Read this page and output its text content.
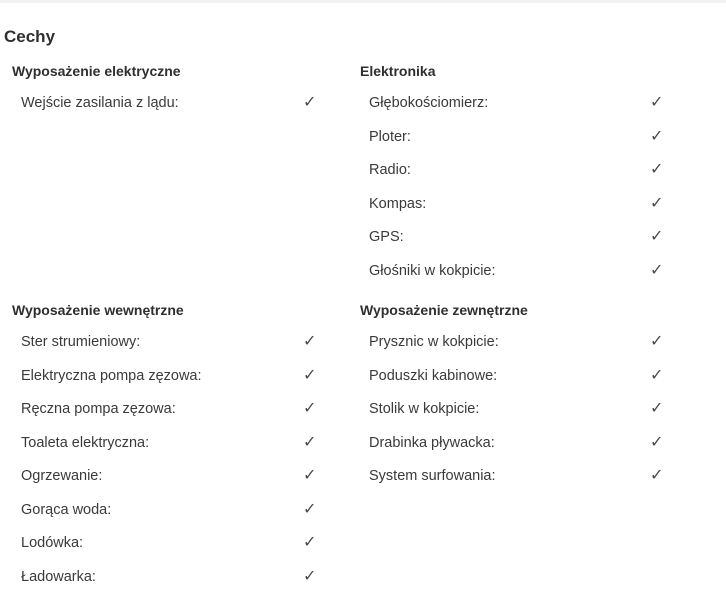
Cechy
Wyposażenie elektryczne
Wejście zasilania z lądu:	✓
Elektronika
Głębokościomierz:	✓
Ploter:	✓
Radio:	✓
Kompas:	✓
GPS:	✓
Głośniki w kokpicie:	✓
Wyposażenie wewnętrzne
Ster strumieniowy:	✓
Elektryczna pompa zęzowa:	✓
Ręczna pompa zęzowa:	✓
Toaleta elektryczna:	✓
Ogrzewanie:	✓
Gorąca woda:	✓
Lodówka:	✓
Ładowarka:	✓
Wyposażenie zewnętrzne
Prysznic w kokpicie:	✓
Poduszki kabinowe:	✓
Stolik w kokpicie:	✓
Drabinka pływacka:	✓
System surfowania:	✓
